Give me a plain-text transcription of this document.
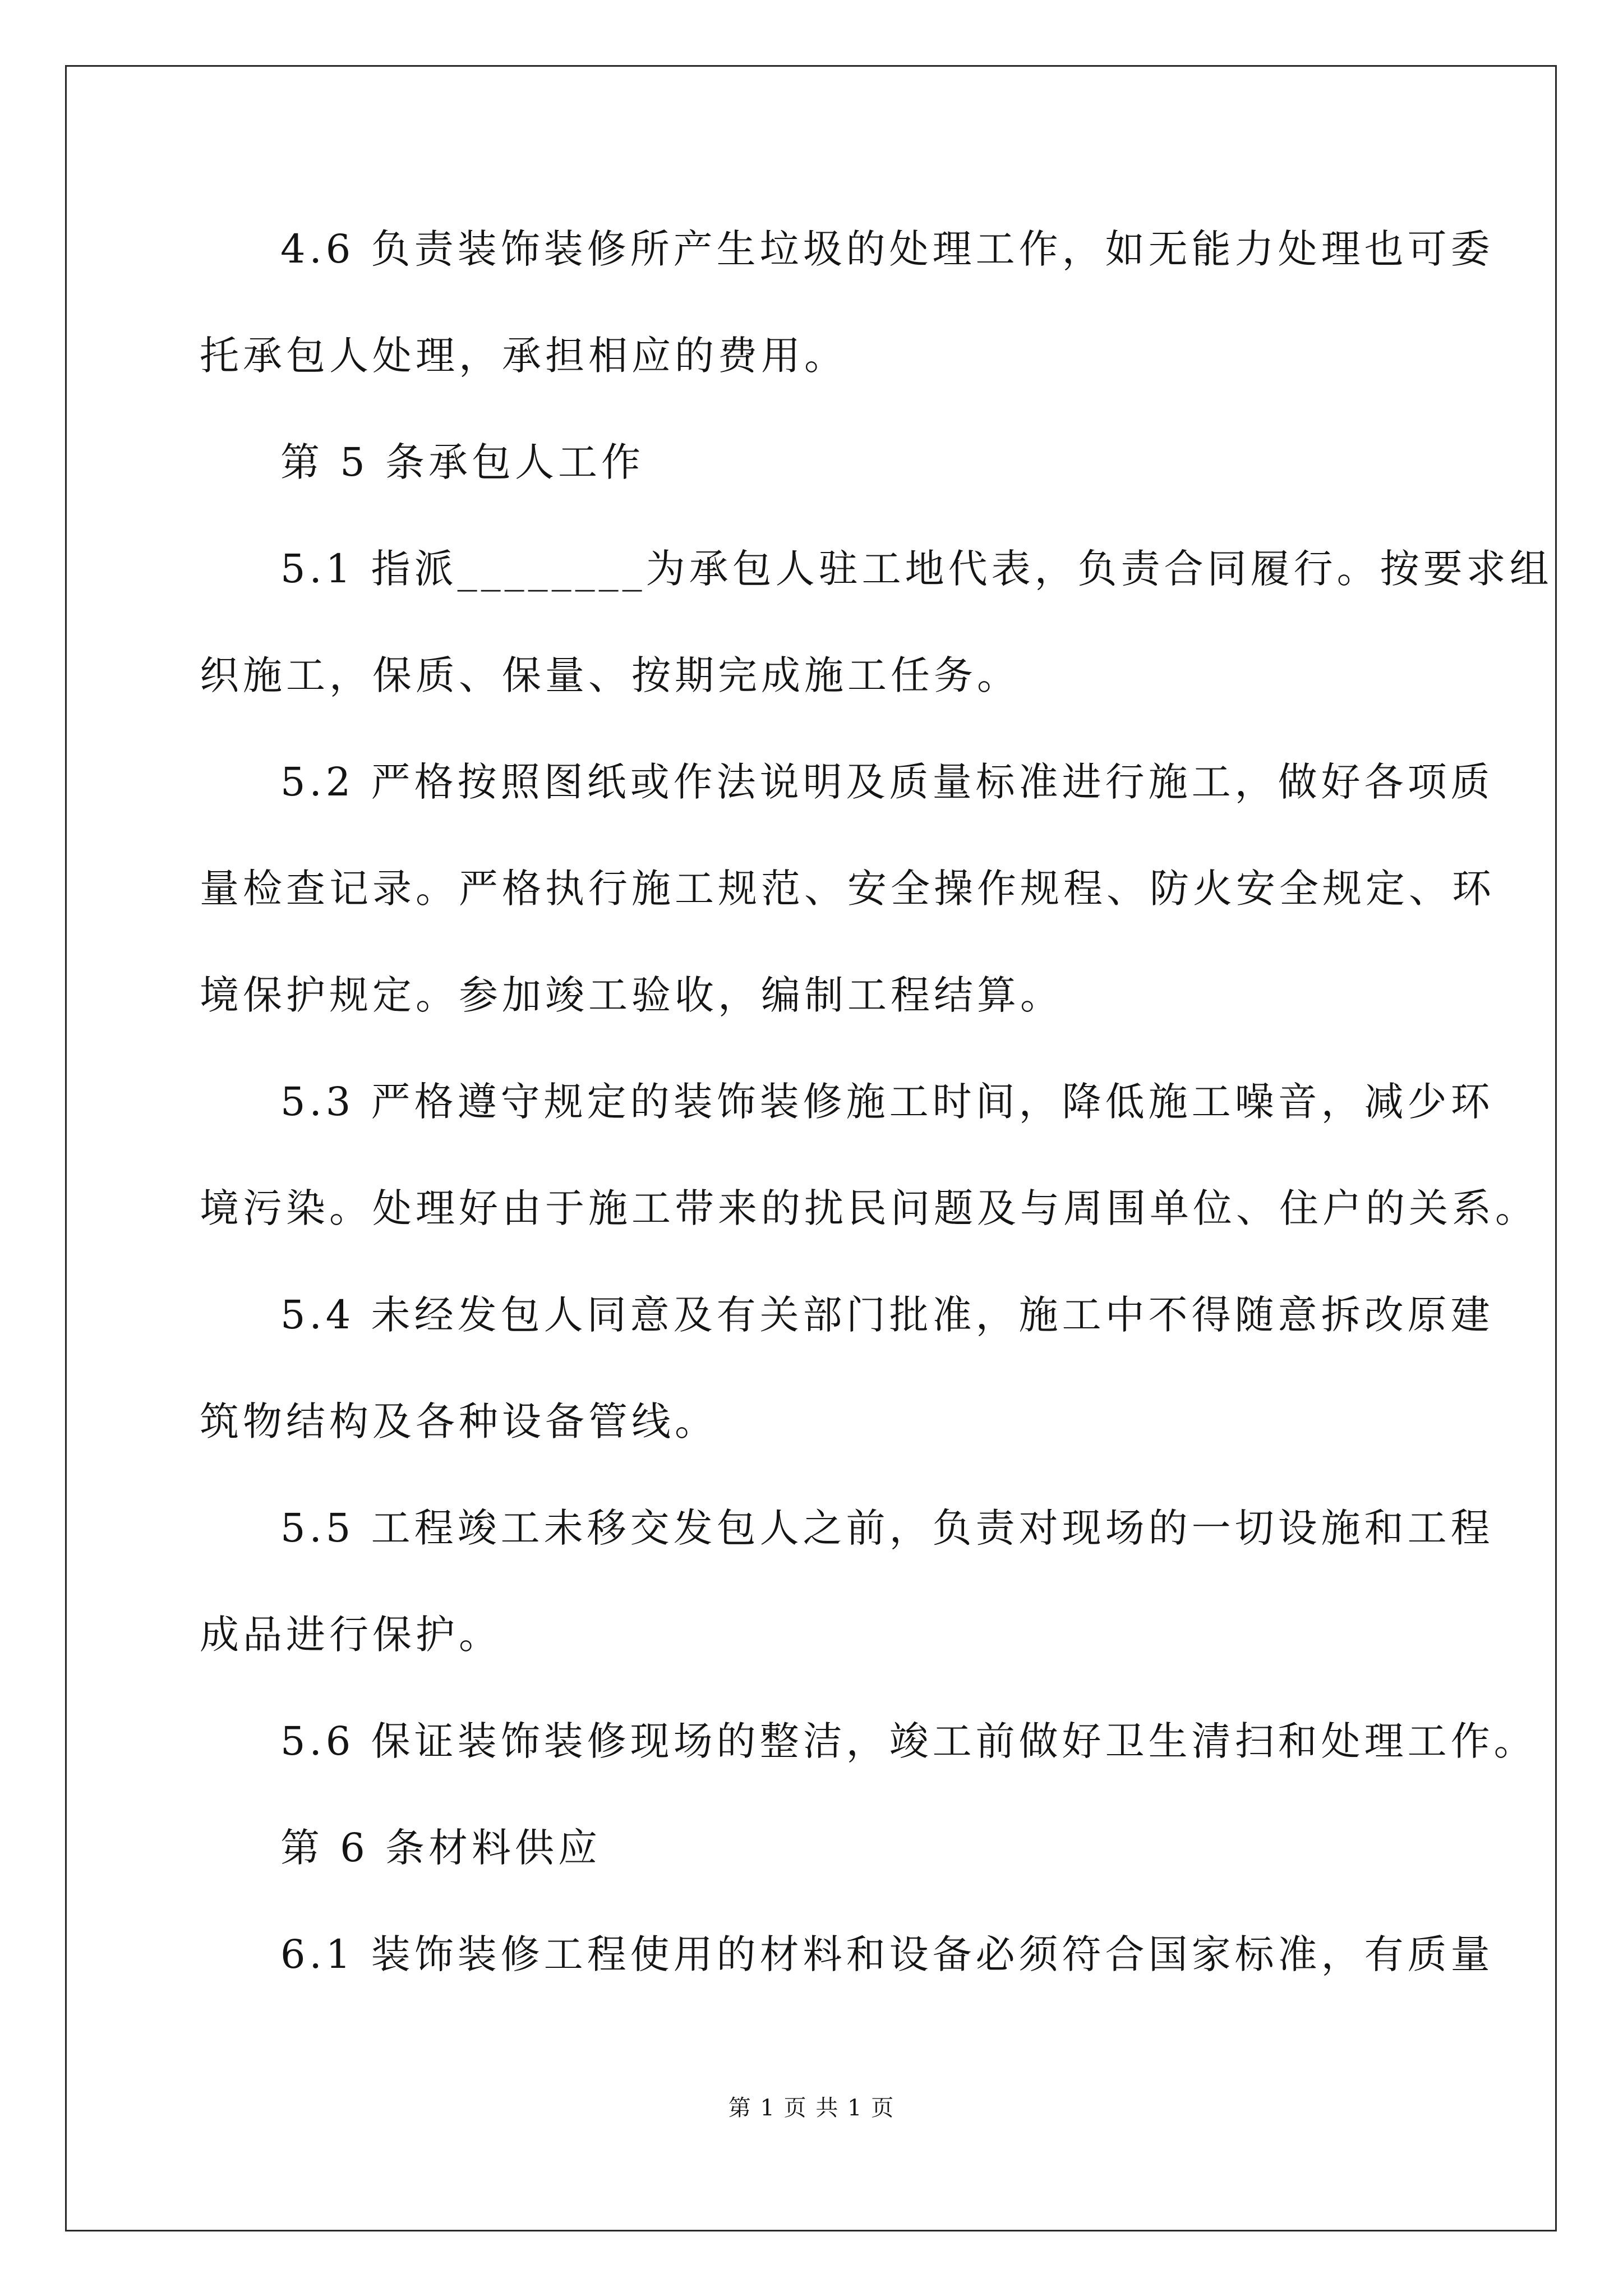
4.6 负责装饰装修所产生垃圾的处理工作，如无能力处理也可委
托承包人处理，承担相应的费用。
第 5 条承包人工作
5.1 指派________为承包人驻工地代表，负责合同履行。按要求组
织施工，保质、保量、按期完成施工任务。
5.2 严格按照图纸或作法说明及质量标准进行施工，做好各项质
量检查记录。严格执行施工规范、安全操作规程、防火安全规定、环
境保护规定。参加竣工验收，编制工程结算。
5.3 严格遵守规定的装饰装修施工时间，降低施工噪音，减少环
境污染。处理好由于施工带来的扰民问题及与周围单位、住户的关系。
5.4 未经发包人同意及有关部门批准，施工中不得随意拆改原建
筑物结构及各种设备管线。
5.5 工程竣工未移交发包人之前，负责对现场的一切设施和工程
成品进行保护。
5.6 保证装饰装修现场的整洁，竣工前做好卫生清扫和处理工作。
第 6 条材料供应
6.1 装饰装修工程使用的材料和设备必须符合国家标准，有质量
第 1 页 共 1 页
